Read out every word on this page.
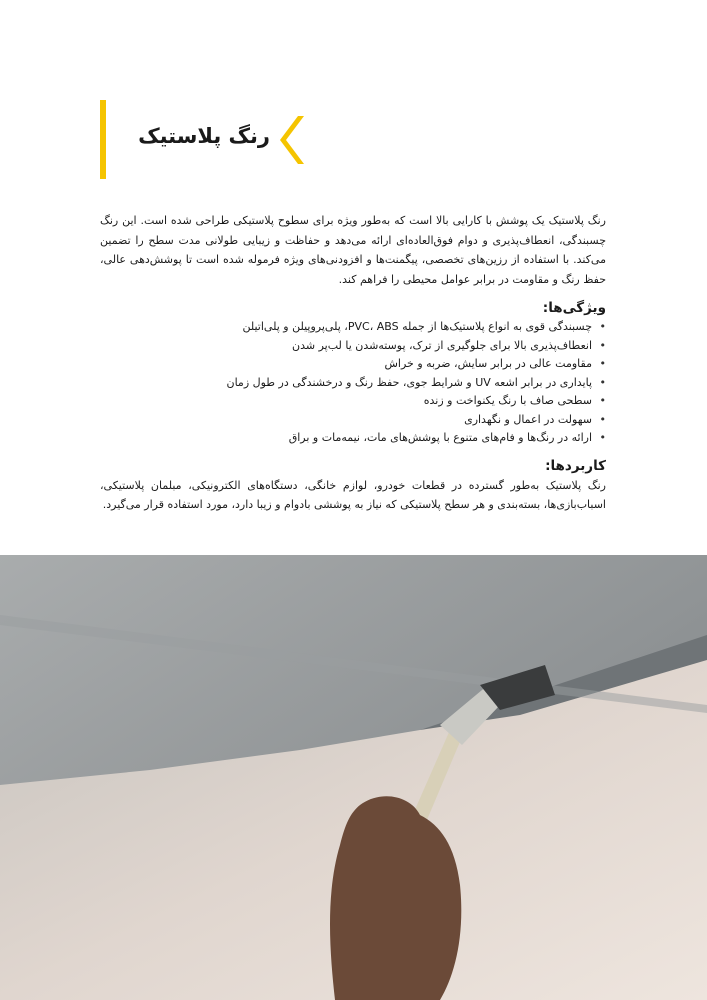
رنگ پلاستیک

رنگ پلاستیک یک پوشش با کارایی بالا است که به‌طور ویژه برای سطوح پلاستیکی طراحی شده است. این رنگ چسبندگی، انعطاف‌پذیری و دوام فوق‌العاده‌ای ارائه می‌دهد و حفاظت و زیبایی طولانی مدت سطح را تضمین می‌کند. با استفاده از رزین‌های تخصصی، پیگمنت‌ها و افزودنی‌های ویژه فرموله شده است تا پوشش‌دهی عالی، حفظ رنگ و مقاومت در برابر عوامل محیطی را فراهم کند.

ویژگی‌ها:
• چسبندگی قوی به انواع پلاستیک‌ها از جمله PVC، ABS، پلی‌پروپیلن و پلی‌اتیلن
• انعطاف‌پذیری بالا برای جلوگیری از ترک، پوسته‌شدن یا لب‌پر شدن
• مقاومت عالی در برابر سایش، ضربه و خراش
• پایداری در برابر اشعه UV و شرایط جوی، حفظ رنگ و درخشندگی در طول زمان
• سطحی صاف با رنگ یکنواخت و زنده
• سهولت در اعمال و نگهداری
• ارائه در رنگ‌ها و فام‌های متنوع با پوشش‌های مات، نیمه‌مات و براق
کاربردها:

رنگ پلاستیک به‌طور گسترده در قطعات خودرو، لوازم خانگی، دستگاه‌های الکترونیکی، مبلمان پلاستیکی، اسباب‌بازی‌ها، بسته‌بندی و هر سطح پلاستیکی که نیاز به پوششی بادوام و زیبا دارد، مورد استفاده قرار می‌گیرد.
